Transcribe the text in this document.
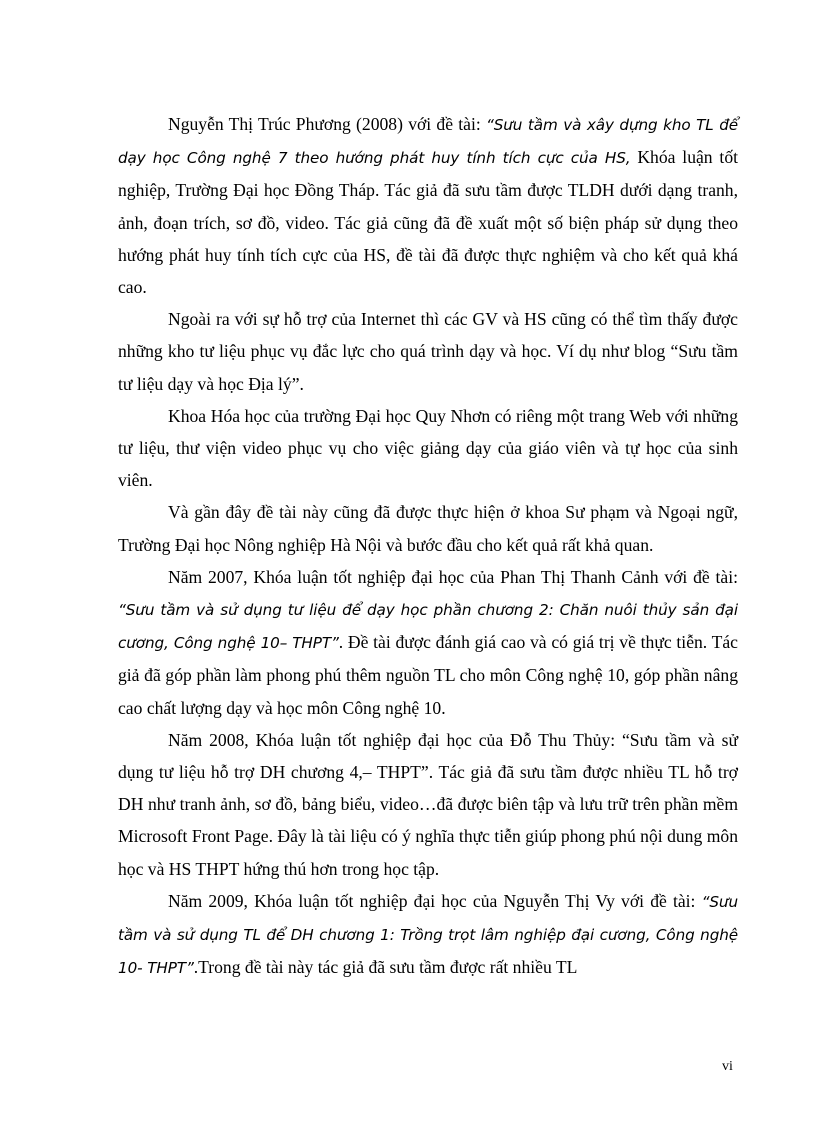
Nguyễn Thị Trúc Phương (2008) với đề tài: “Sưu tầm và xây dựng kho TL để dạy học Công nghệ 7 theo hướng phát huy tính tích cực của HS, Khóa luận tốt nghiệp, Trường Đại học Đồng Tháp. Tác giả đã sưu tầm được TLDH dưới dạng tranh, ảnh, đoạn trích, sơ đồ, video. Tác giả cũng đã đề xuất một số biện pháp sử dụng theo hướng phát huy tính tích cực của HS, đề tài đã được thực nghiệm và cho kết quả khá cao.

Ngoài ra với sự hỗ trợ của Internet thì các GV và HS cũng có thể tìm thấy được những kho tư liệu phục vụ đắc lực cho quá trình dạy và học. Ví dụ như blog “Sưu tầm tư liệu dạy và học Địa lý”.

Khoa Hóa học của trường Đại học Quy Nhơn có riêng một trang Web với những tư liệu, thư viện video phục vụ cho việc giảng dạy của giáo viên và tự học của sinh viên.

Và gần đây đề tài này cũng đã được thực hiện ở khoa Sư phạm và Ngoại ngữ, Trường Đại học Nông nghiệp Hà Nội và bước đầu cho kết quả rất khả quan.

Năm 2007, Khóa luận tốt nghiệp đại học của Phan Thị Thanh Cảnh với đề tài: “Sưu tầm và sử dụng tư liệu để dạy học phần chương 2: Chăn nuôi thủy sản đại cương, Công nghệ 10– THPT”. Đề tài được đánh giá cao và có giá trị về thực tiễn. Tác giả đã góp phần làm phong phú thêm nguồn TL cho môn Công nghệ 10, góp phần nâng cao chất lượng dạy và học môn Công nghệ 10.

Năm 2008, Khóa luận tốt nghiệp đại học của Đỗ Thu Thủy: “Sưu tầm và sử dụng tư liệu hỗ trợ DH chương 4,– THPT”. Tác giả đã sưu tầm được nhiều TL hỗ trợ DH như tranh ảnh, sơ đồ, bảng biểu, video…đã được biên tập và lưu trữ trên phần mềm Microsoft Front Page. Đây là tài liệu có ý nghĩa thực tiễn giúp phong phú nội dung môn học và HS THPT hứng thú hơn trong học tập.

Năm 2009, Khóa luận tốt nghiệp đại học của Nguyễn Thị Vy với đề tài: “Sưu tầm và sử dụng TL để DH chương 1: Trồng trọt lâm nghiệp đại cương, Công nghệ 10- THPT”.Trong đề tài này tác giả đã sưu tầm được rất nhiều TL

vi
